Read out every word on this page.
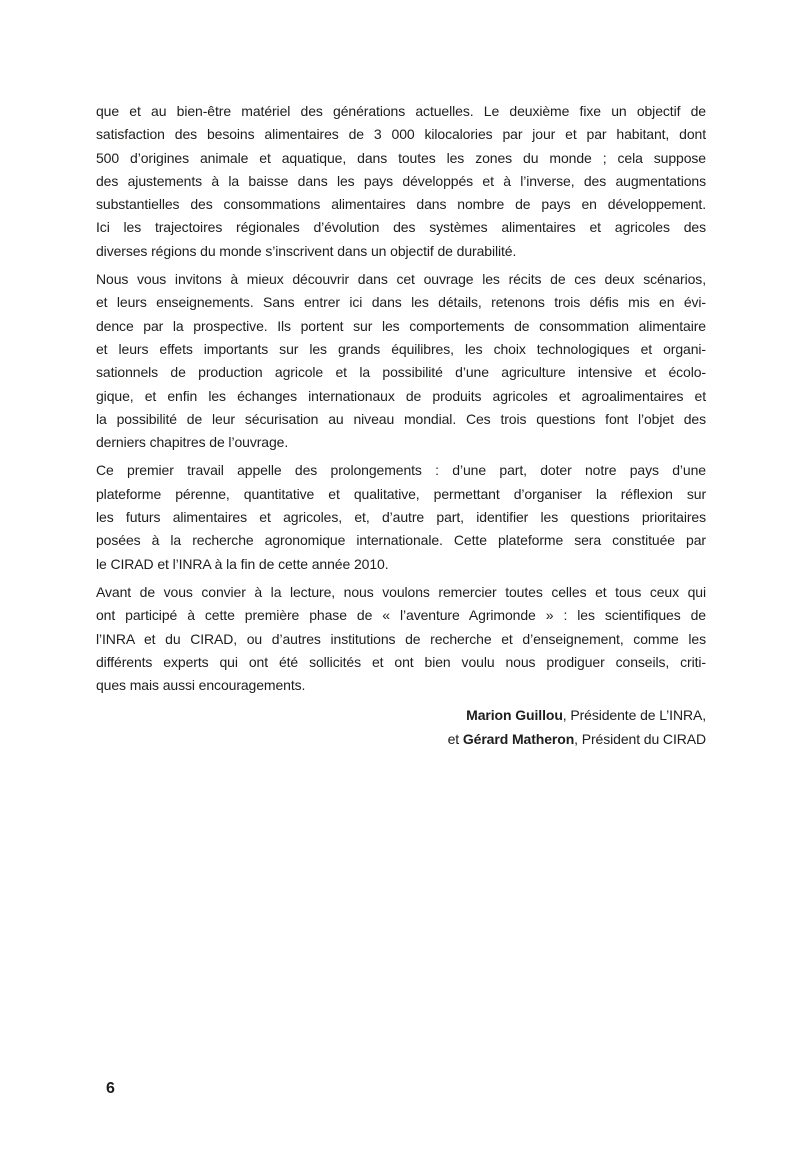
que et au bien-être matériel des générations actuelles. Le deuxième fixe un objectif de
satisfaction des besoins alimentaires de 3 000 kilocalories par jour et par habitant, dont
500 d’origines animale et aquatique, dans toutes les zones du monde ; cela suppose
des ajustements à la baisse dans les pays développés et à l’inverse, des augmentations
substantielles des consommations alimentaires dans nombre de pays en développement.
Ici les trajectoires régionales d’évolution des systèmes alimentaires et agricoles des
diverses régions du monde s’inscrivent dans un objectif de durabilité.
Nous vous invitons à mieux découvrir dans cet ouvrage les récits de ces deux scénarios,
et leurs enseignements. Sans entrer ici dans les détails, retenons trois défis mis en évi-
dence par la prospective. Ils portent sur les comportements de consommation alimentaire
et leurs effets importants sur les grands équilibres, les choix technologiques et organi-
sationnels de production agricole et la possibilité d’une agriculture intensive et écolo-
gique, et enfin les échanges internationaux de produits agricoles et agroalimentaires et
la possibilité de leur sécurisation au niveau mondial. Ces trois questions font l’objet des
derniers chapitres de l’ouvrage.
Ce premier travail appelle des prolongements : d’une part, doter notre pays d’une
plateforme pérenne, quantitative et qualitative, permettant d’organiser la réflexion sur
les futurs alimentaires et agricoles, et, d’autre part, identifier les questions prioritaires
posées à la recherche agronomique internationale. Cette plateforme sera constituée par
le CIRAD et l’INRA à la fin de cette année 2010.
Avant de vous convier à la lecture, nous voulons remercier toutes celles et tous ceux qui
ont participé à cette première phase de « l’aventure Agrimonde » : les scientifiques de
l’INRA et du CIRAD, ou d’autres institutions de recherche et d’enseignement, comme les
différents experts qui ont été sollicités et ont bien voulu nous prodiguer conseils, criti-
ques mais aussi encouragements.
Marion Guillou, Présidente de L’INRA,
et Gérard Matheron, Président du CIRAD
6
